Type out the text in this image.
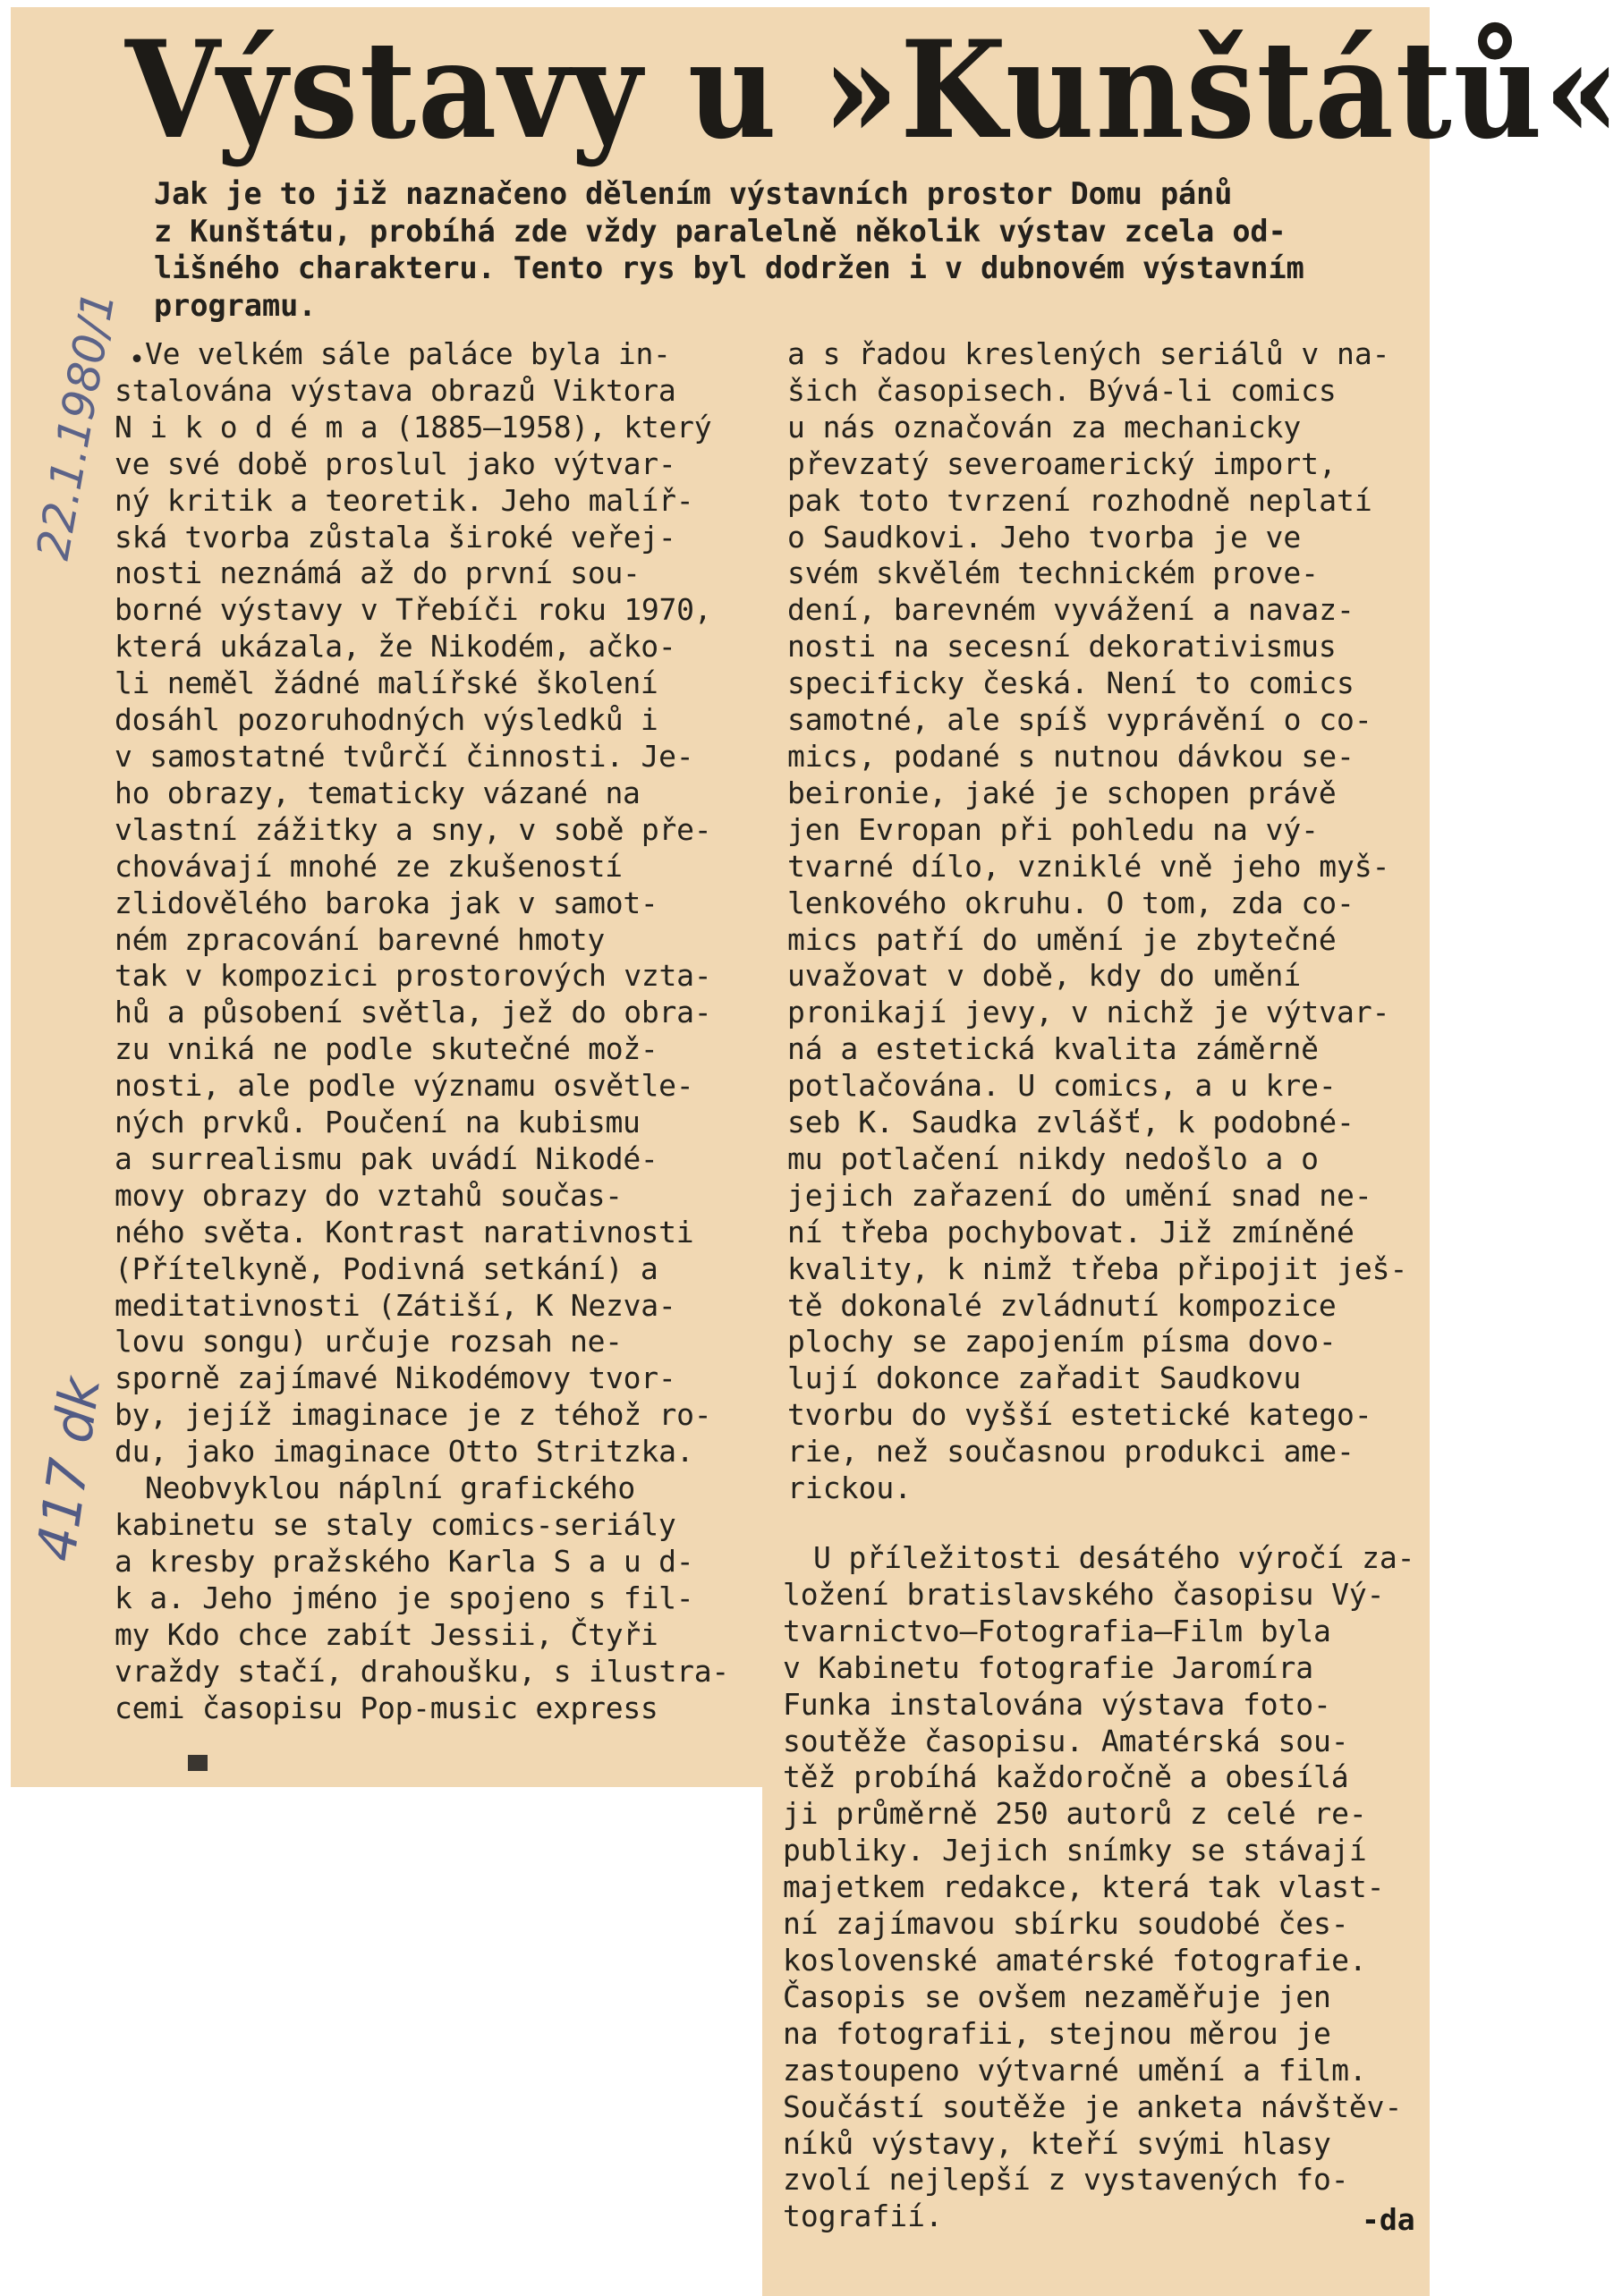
22.1.1980/1
417 dk
Výstavy u »Kunštátů«
Jak je to již naznačeno dělením výstavních prostor Domu pánů
z Kunštátu, probíhá zde vždy paralelně několik výstav zcela od-
lišného charakteru. Tento rys byl dodržen i v dubnovém výstavním
programu.
• Ve velkém sále paláce byla in-
stalována výstava obrazů Viktora
N i k o d é m a (1885—1958), který
ve své době proslul jako výtvar-
ný kritik a teoretik. Jeho malíř-
ská tvorba zůstala široké veřej-
nosti neznámá až do první sou-
borné výstavy v Třebíči roku 1970,
která ukázala, že Nikodém, ačko-
li neměl žádné malířské školení
dosáhl pozoruhodných výsledků i
v samostatné tvůrčí činnosti. Je-
ho obrazy, tematicky vázané na
vlastní zážitky a sny, v sobě pře-
chovávají mnohé ze zkušeností
zlidovělého baroka jak v samot-
ném zpracování barevné hmoty
tak v kompozici prostorových vzta-
hů a působení světla, jež do obra-
zu vniká ne podle skutečné mož-
nosti, ale podle významu osvětle-
ných prvků. Poučení na kubismu
a surrealismu pak uvádí Nikodé-
movy obrazy do vztahů součas-
ného světa. Kontrast narativnosti
(Přítelkyně, Podivná setkání) a
meditativnosti (Zátiší, K Nezva-
lovu songu) určuje rozsah ne-
sporně zajímavé Nikodémovy tvor-
by, jejíž imaginace je z téhož ro-
du, jako imaginace Otto Stritzka.
Neobvyklou náplní grafického
kabinetu se staly comics-seriály
a kresby pražského Karla S a u d-
k a. Jeho jméno je spojeno s fil-
my Kdo chce zabít Jessii, Čtyři
vraždy stačí, drahoušku, s ilustra-
cemi časopisu Pop-music express
a s řadou kreslených seriálů v na-
šich časopisech. Bývá-li comics
u nás označován za mechanicky
převzatý severoamerický import,
pak toto tvrzení rozhodně neplatí
o Saudkovi. Jeho tvorba je ve
svém skvělém technickém prove-
dení, barevném vyvážení a navaz-
nosti na secesní dekorativismus
specificky česká. Není to comics
samotné, ale spíš vyprávění o co-
mics, podané s nutnou dávkou se-
beironie, jaké je schopen právě
jen Evropan při pohledu na vý-
tvarné dílo, vzniklé vně jeho myš-
lenkového okruhu. O tom, zda co-
mics patří do umění je zbytečné
uvažovat v době, kdy do umění
pronikají jevy, v nichž je výtvar-
ná a estetická kvalita záměrně
potlačována. U comics, a u kre-
seb K. Saudka zvlášť, k podobné-
mu potlačení nikdy nedošlo a o
jejich zařazení do umění snad ne-
ní třeba pochybovat. Již zmíněné
kvality, k nimž třeba připojit ješ-
tě dokonalé zvládnutí kompozice
plochy se zapojením písma dovo-
lují dokonce zařadit Saudkovu
tvorbu do vyšší estetické katego-
rie, než současnou produkci ame-
rickou.
U příležitosti desátého výročí za-
ložení bratislavského časopisu Vý-
tvarnictvo—Fotografia—Film byla
v Kabinetu fotografie Jaromíra
Funka instalována výstava foto-
soutěže časopisu. Amatérská sou-
těž probíhá každoročně a obesílá
ji průměrně 250 autorů z celé re-
publiky. Jejich snímky se stávají
majetkem redakce, která tak vlast-
ní zajímavou sbírku soudobé čes-
koslovenské amatérské fotografie.
Časopis se ovšem nezaměřuje jen
na fotografii, stejnou měrou je
zastoupeno výtvarné umění a film.
Součástí soutěže je anketa návštěv-
níků výstavy, kteří svými hlasy
zvolí nejlepší z vystavených fo-
tografií.	-da
